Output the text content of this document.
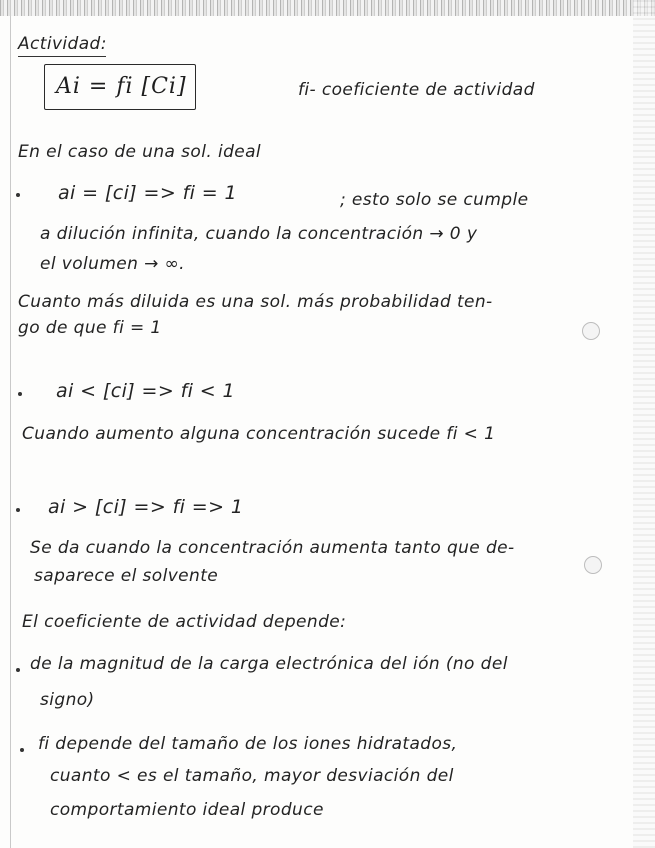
Actividad:
Ai = fi [Ci]	fi- coeficiente de actividad
En el caso de una sol. ideal
ai = [ci] => fi = 1	; esto solo se cumple
a dilución infinita, cuando la concentración → 0 y
el volumen → ∞.
Cuanto más diluida es una sol. más probabilidad ten-
go de que fi = 1
ai < [ci] => fi < 1
Cuando aumento alguna concentración sucede fi < 1
ai > [ci] => fi => 1
Se da cuando la concentración aumenta tanto que de-
saparece el solvente
El coeficiente de actividad depende:
de la magnitud de la carga electrónica del ión (no del
signo)
fi depende del tamaño de los iones hidratados,
cuanto < es el tamaño, mayor desviación del
comportamiento ideal produce
